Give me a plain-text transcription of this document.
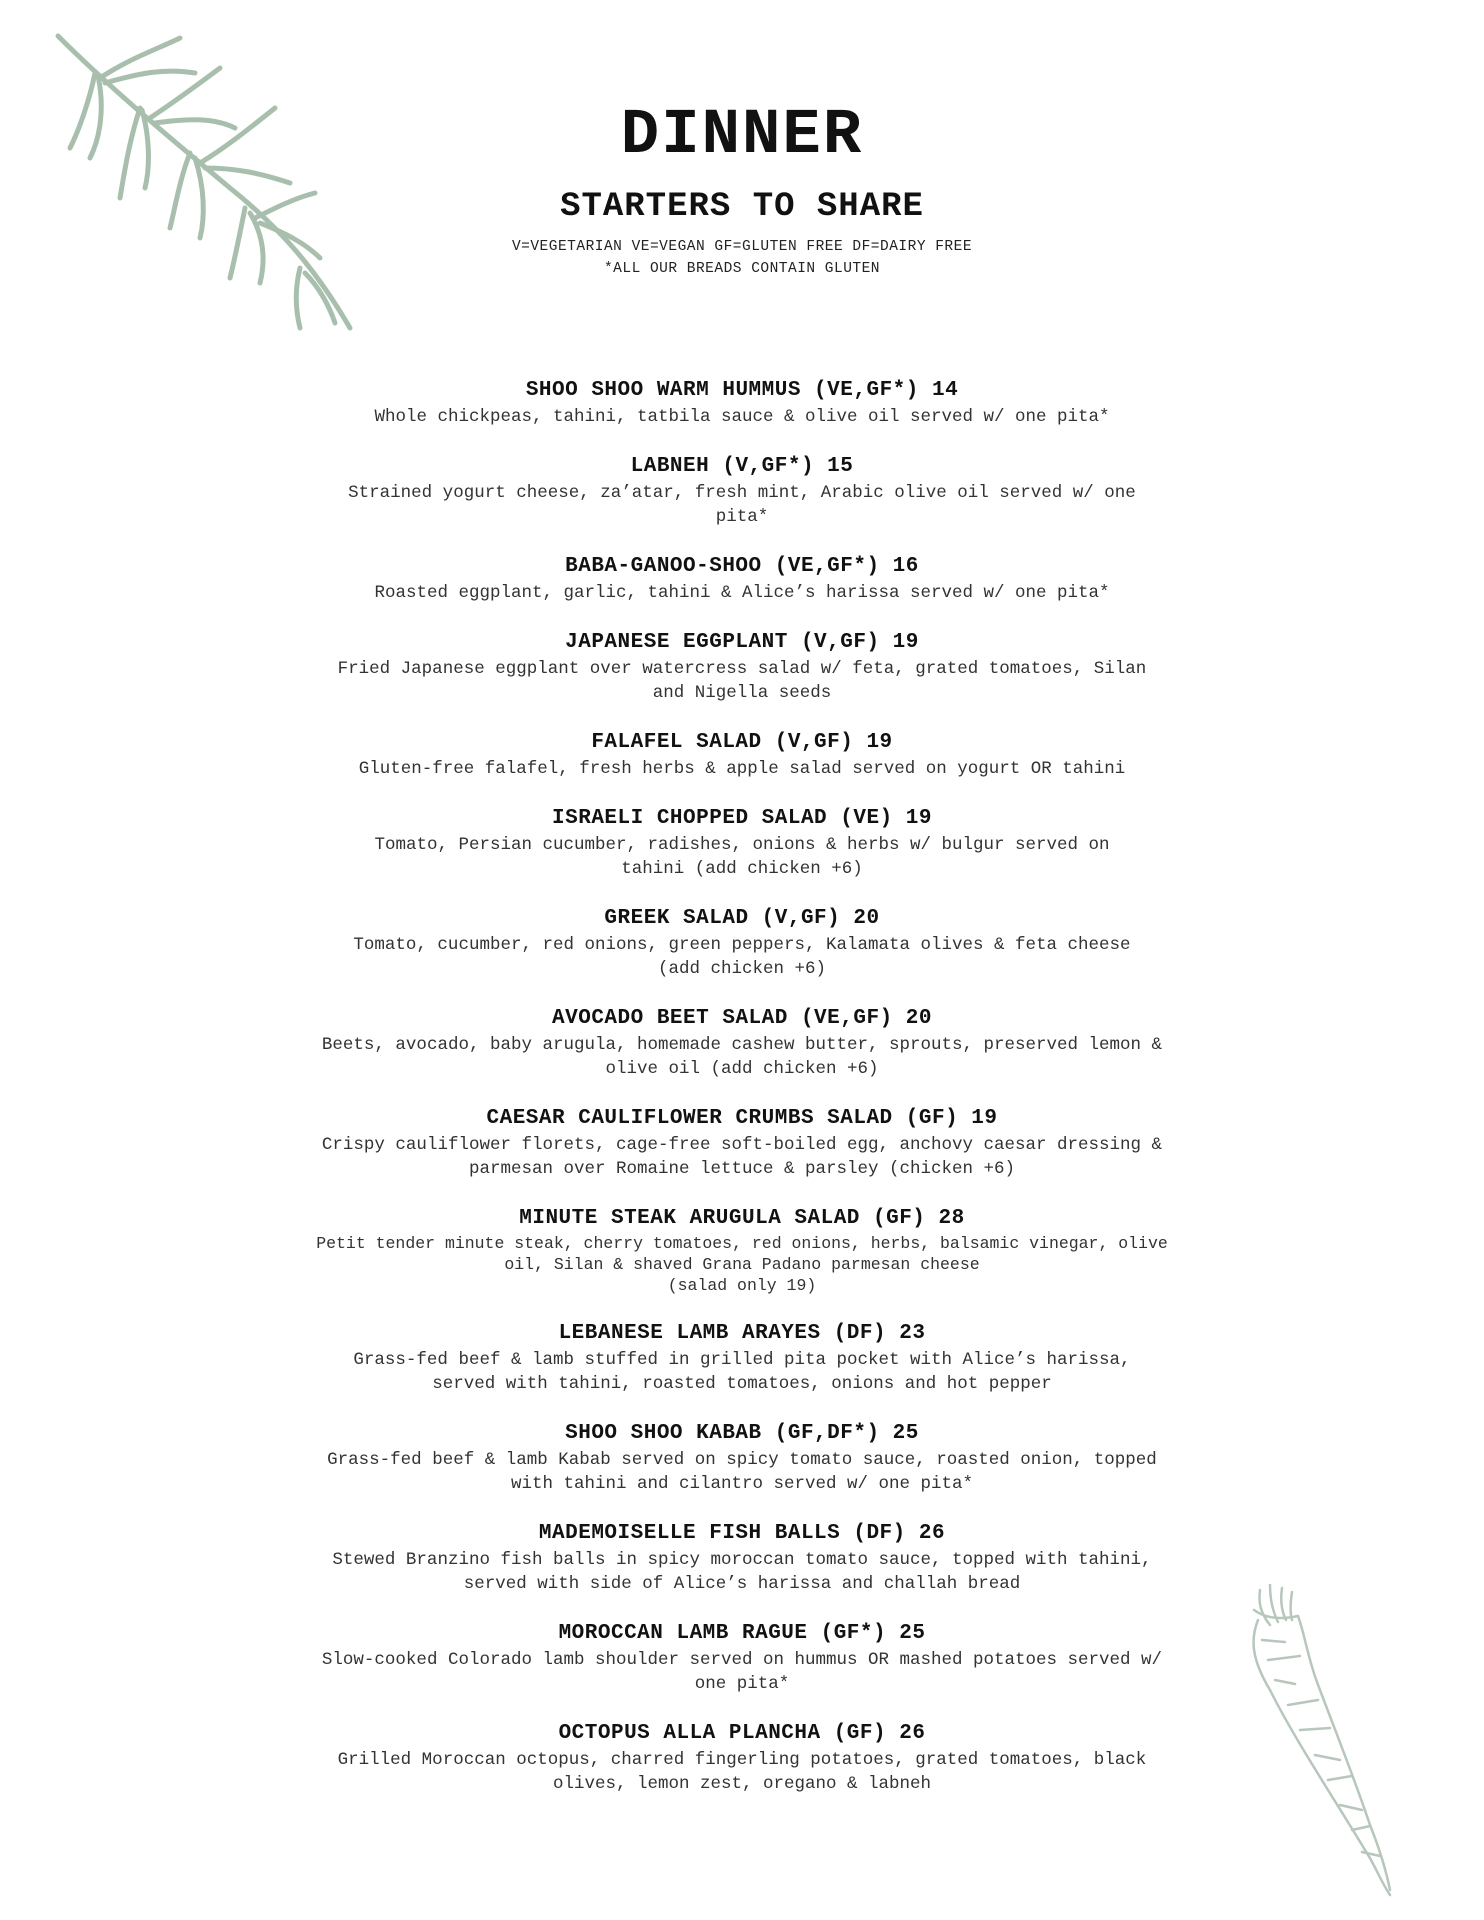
DINNER
STARTERS TO SHARE
V=VEGETARIAN VE=VEGAN GF=GLUTEN FREE DF=DAIRY FREE
*ALL OUR BREADS CONTAIN GLUTEN
SHOO SHOO WARM HUMMUS (VE,GF*) 14
Whole chickpeas, tahini, tatbila sauce & olive oil served w/ one pita*
LABNEH (V,GF*) 15
Strained yogurt cheese, za’atar, fresh mint, Arabic olive oil served w/ one
pita*
BABA-GANOO-SHOO (VE,GF*) 16
Roasted eggplant, garlic, tahini & Alice’s harissa served w/ one pita*
JAPANESE EGGPLANT (V,GF) 19
Fried Japanese eggplant over watercress salad w/ feta, grated tomatoes, Silan
and Nigella seeds
FALAFEL SALAD (V,GF) 19
Gluten-free falafel, fresh herbs & apple salad served on yogurt OR tahini
ISRAELI CHOPPED SALAD (VE) 19
Tomato, Persian cucumber, radishes, onions & herbs w/ bulgur served on
tahini (add chicken +6)
GREEK SALAD (V,GF) 20
Tomato, cucumber, red onions, green peppers, Kalamata olives & feta cheese
(add chicken +6)
AVOCADO BEET SALAD (VE,GF) 20
Beets, avocado, baby arugula, homemade cashew butter, sprouts, preserved lemon &
olive oil (add chicken +6)
CAESAR CAULIFLOWER CRUMBS SALAD (GF) 19
Crispy cauliflower florets, cage-free soft-boiled egg, anchovy caesar dressing &
parmesan over Romaine lettuce & parsley (chicken +6)
MINUTE STEAK ARUGULA SALAD (GF) 28
Petit tender minute steak, cherry tomatoes, red onions, herbs, balsamic vinegar, olive
oil, Silan & shaved Grana Padano parmesan cheese
(salad only 19)
LEBANESE LAMB ARAYES (DF) 23
Grass-fed beef & lamb stuffed in grilled pita pocket with Alice’s harissa,
served with tahini, roasted tomatoes, onions and hot pepper
SHOO SHOO KABAB (GF,DF*) 25
Grass-fed beef & lamb Kabab served on spicy tomato sauce, roasted onion, topped
with tahini and cilantro served w/ one pita*
MADEMOISELLE FISH BALLS (DF) 26
Stewed Branzino fish balls in spicy moroccan tomato sauce, topped with tahini,
served with side of Alice’s harissa and challah bread
MOROCCAN LAMB RAGUE (GF*) 25
Slow-cooked Colorado lamb shoulder served on hummus OR mashed potatoes served w/
one pita*
OCTOPUS ALLA PLANCHA (GF) 26
Grilled Moroccan octopus, charred fingerling potatoes, grated tomatoes, black
olives, lemon zest, oregano & labneh
